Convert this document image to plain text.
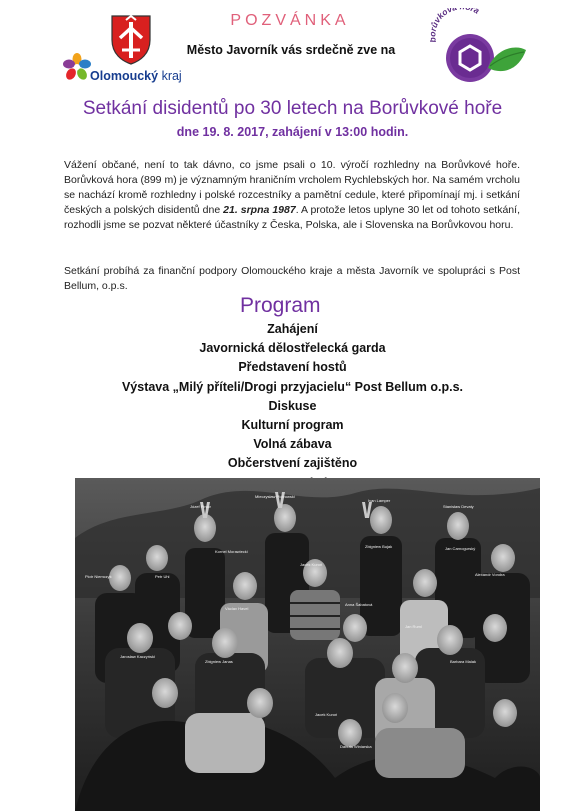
Olomoucký kraj
POZVÁNKA
Město Javorník vás srdečně zve na
ůvkov ra
Setkání disidentů po 30 letech na Borůvkové hoře
dne 19. 8. 2017, zahájení v 13:00 hodin.
Vážení občané, není to tak dávno, co jsme psali o 10. výročí rozhledny na Borůvkové hoře. Borůvková hora (899 m) je významným hraničním vrcholem Rychlebských hor. Na samém vrcholu se nachází kromě rozhledny i polské rozcestníky a pamětní cedule, které připomínají mj. i setkání českých a polských disidentů dne 21. srpna 1987. A protože letos uplyne 30 let od tohoto setkání, rozhodli jsme se pozvat některé účastníky z Česka, Polska, ale i Slovenska na Borůvkovou horu.
Setkání probíhá za finanční podpory Olomouckého kraje a města Javorník ve spolupráci s Post Bellum, o.p.s.
Program
Zahájení
Javornická dělostřelecká garda
Představení hostů
Výstava „Milý příteli/Drogi przyjacielu“ Post Bellum o.p.s.
Diskuse
Kulturní program
Volná zábava
Občerstvení zajištěno
Józef Pinior
Mieczysław Piotrowski
Ivan Lamper
Stanisław Devaty
Kornel Morawiecki
Zbigniew Bujak
Piotr Niemczyk	Petr Uhl
Jacek Kuroń
Jan Carnogurský
Václav Havel
Anna Šabatová
Alexandr Vondra
Jan Ruml
Jarosław Kaczyński
Zbigniew Janas
Jacek Kuroń
Barbara Malak
Danuta Winiarska
